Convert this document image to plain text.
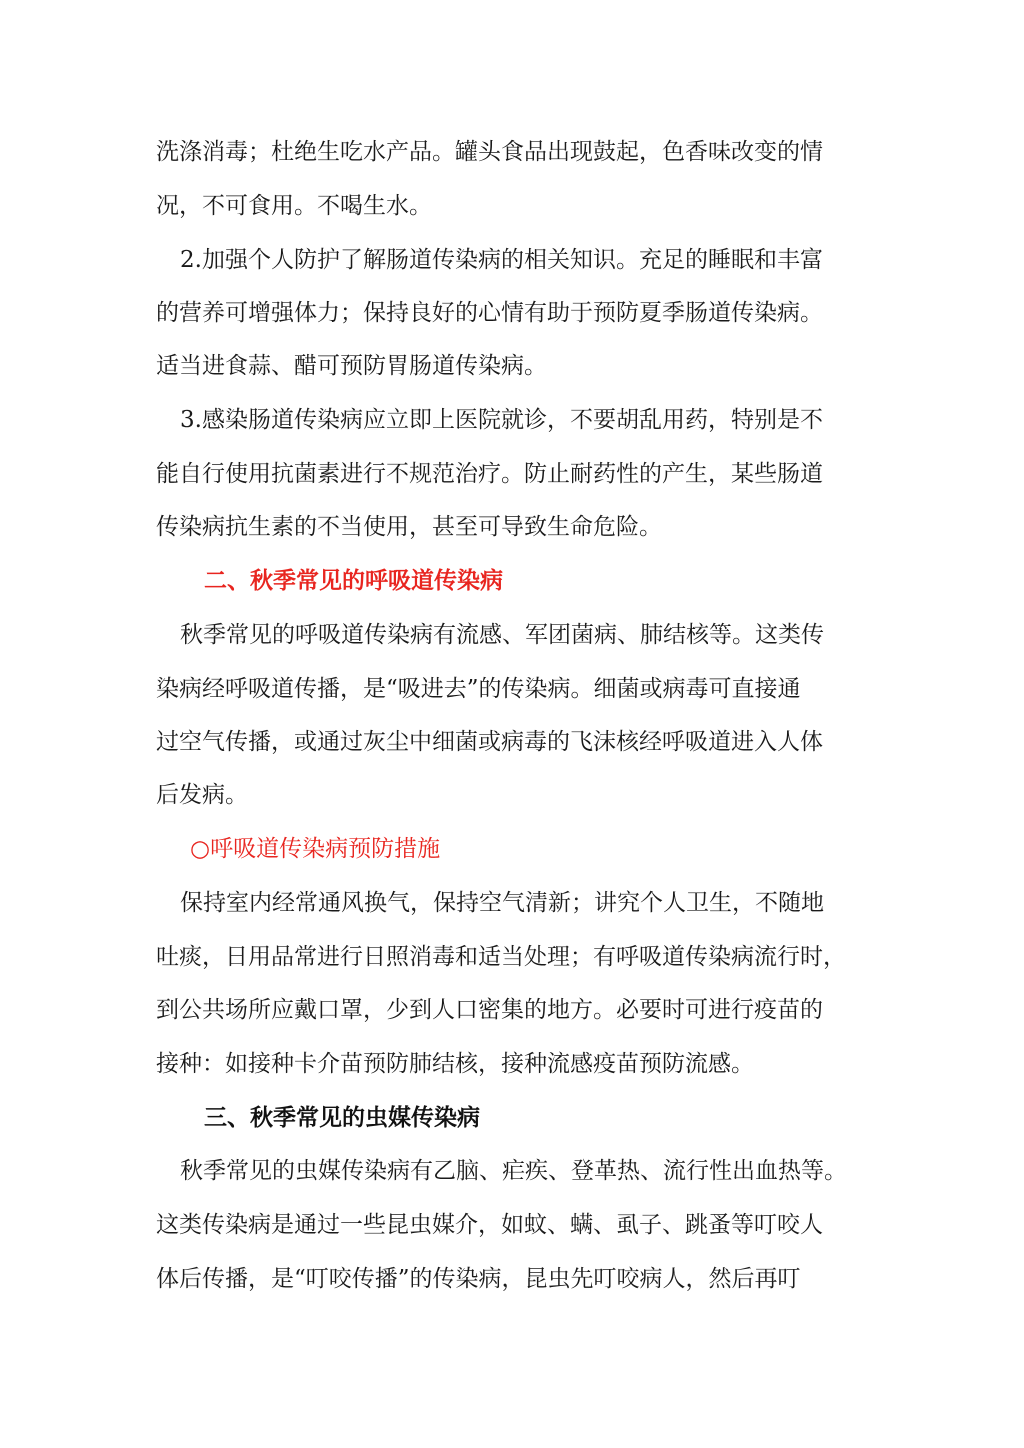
洗涤消毒；杜绝生吃水产品。罐头食品出现鼓起，色香味改变的情
况，不可食用。不喝生水。
2.加强个人防护了解肠道传染病的相关知识。充足的睡眠和丰富
的营养可增强体力；保持良好的心情有助于预防夏季肠道传染病。
适当进食蒜、醋可预防胃肠道传染病。
3.感染肠道传染病应立即上医院就诊，不要胡乱用药，特别是不
能自行使用抗菌素进行不规范治疗。防止耐药性的产生，某些肠道
传染病抗生素的不当使用，甚至可导致生命危险。
二、秋季常见的呼吸道传染病
秋季常见的呼吸道传染病有流感、军团菌病、肺结核等。这类传
染病经呼吸道传播，是“吸进去”的传染病。细菌或病毒可直接通
过空气传播，或通过灰尘中细菌或病毒的飞沫核经呼吸道进入人体
后发病。
○呼吸道传染病预防措施
保持室内经常通风换气，保持空气清新；讲究个人卫生，不随地
吐痰，日用品常进行日照消毒和适当处理；有呼吸道传染病流行时，
到公共场所应戴口罩，少到人口密集的地方。必要时可进行疫苗的
接种：如接种卡介苗预防肺结核，接种流感疫苗预防流感。
三、秋季常见的虫媒传染病
秋季常见的虫媒传染病有乙脑、疟疾、登革热、流行性出血热等。
这类传染病是通过一些昆虫媒介，如蚊、螨、虱子、跳蚤等叮咬人
体后传播，是“叮咬传播”的传染病，昆虫先叮咬病人，然后再叮
